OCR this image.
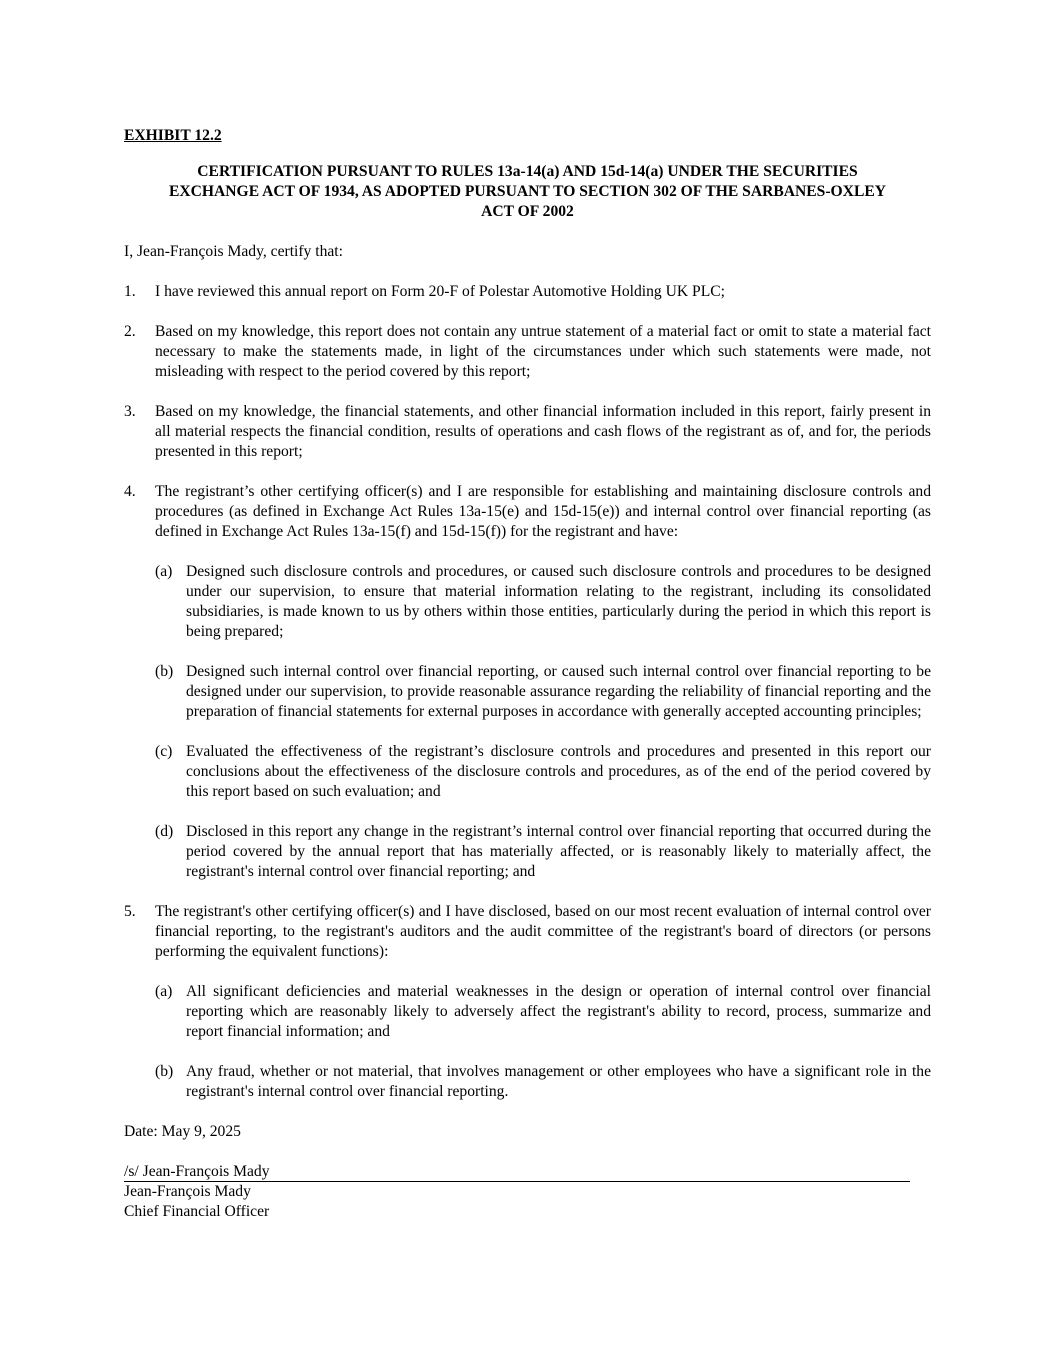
EXHIBIT 12.2
CERTIFICATION PURSUANT TO RULES 13a-14(a) AND 15d-14(a) UNDER THE SECURITIES
EXCHANGE ACT OF 1934, AS ADOPTED PURSUANT TO SECTION 302 OF THE SARBANES-OXLEY
ACT OF 2002
I, Jean-François Mady, certify that:
1.	I have reviewed this annual report on Form 20-F of Polestar Automotive Holding UK PLC;
2.	Based on my knowledge, this report does not contain any untrue statement of a material fact or omit to state a material fact necessary to make the statements made, in light of the circumstances under which such statements were made, not misleading with respect to the period covered by this report;
3.	Based on my knowledge, the financial statements, and other financial information included in this report, fairly present in all material respects the financial condition, results of operations and cash flows of the registrant as of, and for, the periods presented in this report;
4.	The registrant’s other certifying officer(s) and I are responsible for establishing and maintaining disclosure controls and procedures (as defined in Exchange Act Rules 13a-15(e) and 15d-15(e)) and internal control over financial reporting (as defined in Exchange Act Rules 13a-15(f) and 15d-15(f)) for the registrant and have:
(a) Designed such disclosure controls and procedures, or caused such disclosure controls and procedures to be designed under our supervision, to ensure that material information relating to the registrant, including its consolidated subsidiaries, is made known to us by others within those entities, particularly during the period in which this report is being prepared;
(b) Designed such internal control over financial reporting, or caused such internal control over financial reporting to be designed under our supervision, to provide reasonable assurance regarding the reliability of financial reporting and the preparation of financial statements for external purposes in accordance with generally accepted accounting principles;
(c) Evaluated the effectiveness of the registrant’s disclosure controls and procedures and presented in this report our conclusions about the effectiveness of the disclosure controls and procedures, as of the end of the period covered by this report based on such evaluation; and
(d) Disclosed in this report any change in the registrant’s internal control over financial reporting that occurred during the period covered by the annual report that has materially affected, or is reasonably likely to materially affect, the registrant's internal control over financial reporting; and
5.	The registrant's other certifying officer(s) and I have disclosed, based on our most recent evaluation of internal control over financial reporting, to the registrant's auditors and the audit committee of the registrant's board of directors (or persons performing the equivalent functions):
(a) All significant deficiencies and material weaknesses in the design or operation of internal control over financial reporting which are reasonably likely to adversely affect the registrant's ability to record, process, summarize and report financial information; and
(b) Any fraud, whether or not material, that involves management or other employees who have a significant role in the registrant's internal control over financial reporting.
Date: May 9, 2025
/s/ Jean-François Mady
Jean-François Mady
Chief Financial Officer
